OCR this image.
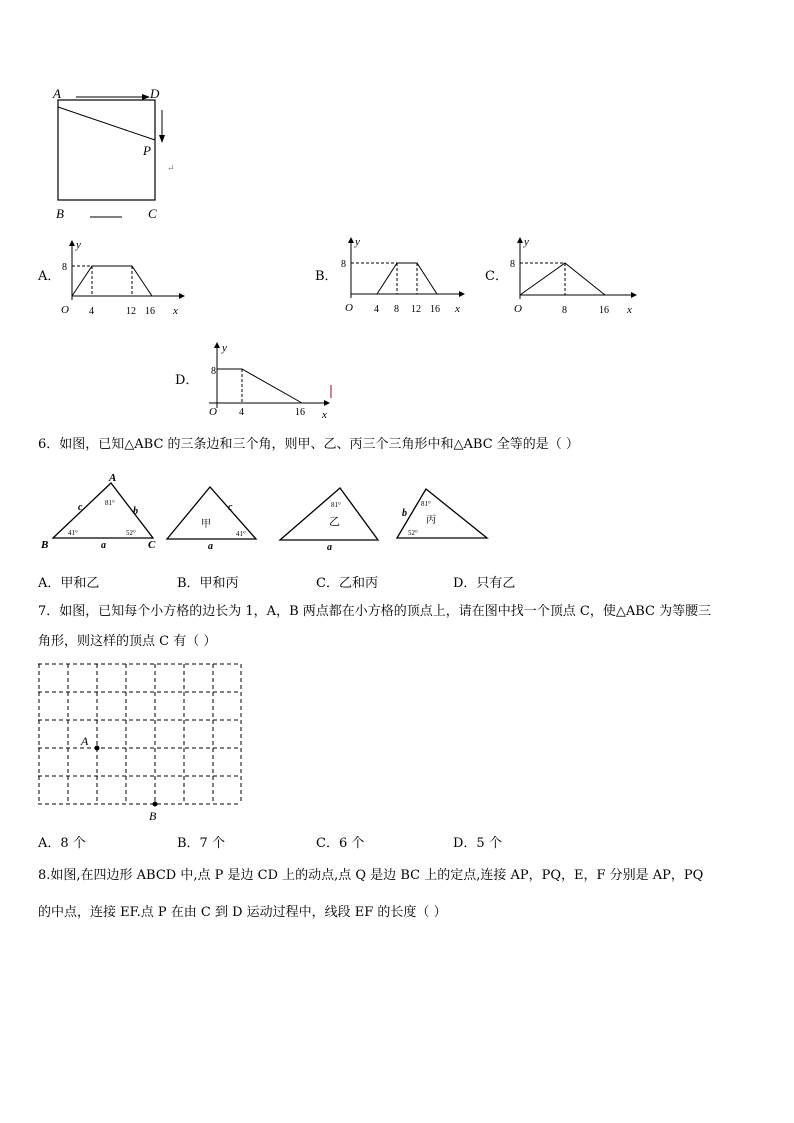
A	D
P
B	C
↵
A．
y
x
O
8
4	12 16
B．
y
x
O
8
4 8 12 16
C．
y
x
O
8
8	16
D．
y
x
O
8
4	16
6．如图，已知△ABC 的三条边和三个角，则甲、乙、丙三个三角形中和△ABC 全等的是（ ）
A
B	C
c	b
a
81°
41°	52°
甲
c
a
41°
乙
81°
a
丙
b
81°
52°
A．甲和乙	B．甲和丙	C．乙和丙	D．只有乙
7．如图，已知每个小方格的边长为 1，A，B 两点都在小方格的顶点上，请在图中找一个顶点 C，使△ABC 为等腰三
角形，则这样的顶点 C 有（ ）
A
B
A．8 个	B．7 个	C．6 个	D．5 个
8.如图,在四边形 ABCD 中,点 P 是边 CD 上的动点,点 Q 是边 BC 上的定点,连接 AP，PQ，E，F 分别是 AP，PQ
的中点，连接 EF.点 P 在由 C 到 D 运动过程中，线段 EF 的长度（ ）
